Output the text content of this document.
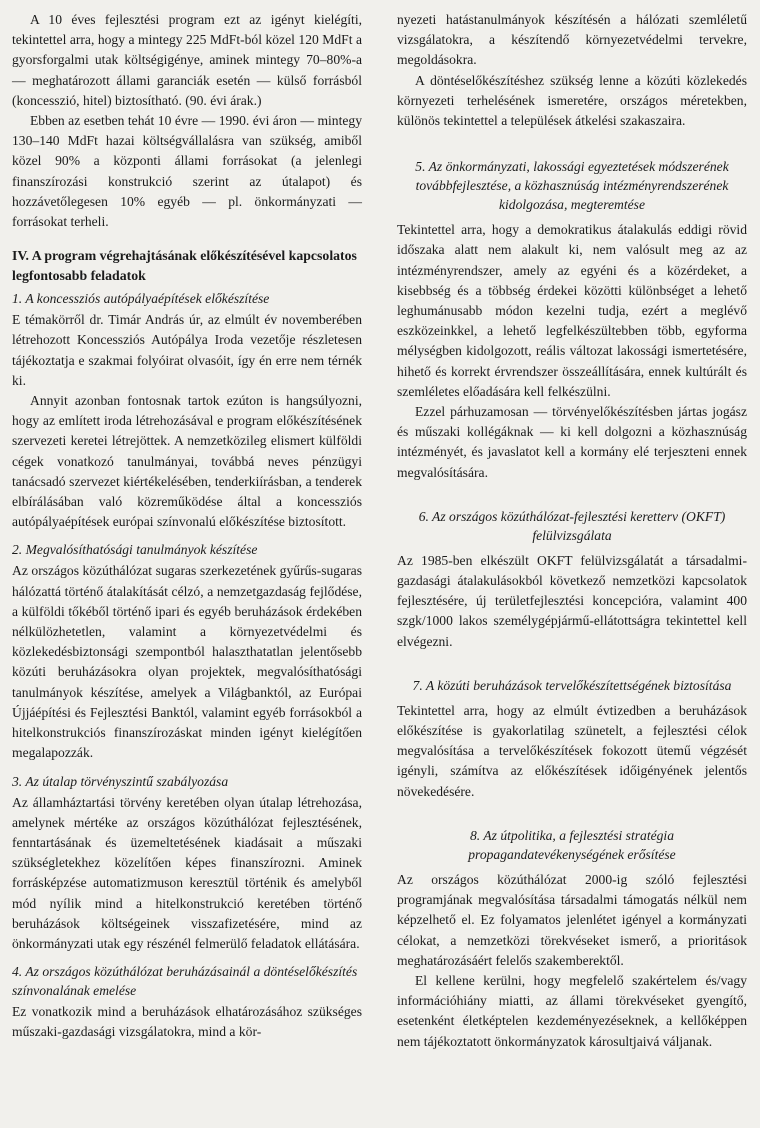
A 10 éves fejlesztési program ezt az igényt kielégíti, tekintettel arra, hogy a mintegy 225 MdFt-ból közel 120 MdFt a gyorsforgalmi utak költségigénye, aminek mintegy 70–80%-a — meghatározott állami garanciák esetén — külső forrásból (koncesszió, hitel) biztosítható. (90. évi árak.)

Ebben az esetben tehát 10 évre — 1990. évi áron — mintegy 130–140 MdFt hazai költségvállalásra van szükség, amiből közel 90% a központi állami forrásokat (a jelenlegi finanszírozási konstrukció szerint az útalapot) és hozzávetőlegesen 10% egyéb — pl. önkormányzati — forrásokat terheli.

IV. A program végrehajtásának előkészítésével kapcsolatos legfontosabb feladatok
1. A koncessziós autópályaépítések előkészítése

E témakörről dr. Timár András úr, az elmúlt év novemberében létrehozott Koncessziós Autópálya Iroda vezetője részletesen tájékoztatja e szakmai folyóirat olvasóit, így én erre nem térnék ki.

Annyit azonban fontosnak tartok ezúton is hangsúlyozni, hogy az említett iroda létrehozásával e program előkészítésének szervezeti keretei létrejöttek. A nemzetközileg elismert külföldi cégek vonatkozó tanulmányai, továbbá neves pénzügyi tanácsadó szervezet kiértékelésében, tenderkiírásban, a tenderek elbírálásában való közreműködése által a koncessziós autópályaépítések európai színvonalú előkészítése biztosított.

2. Megvalósíthatósági tanulmányok készítése

Az országos közúthálózat sugaras szerkezetének gyűrűs-sugaras hálózattá történő átalakítását célzó, a nemzetgazdaság fejlődése, a külföldi tőkéből történő ipari és egyéb beruházások érdekében nélkülözhetetlen, valamint a környezetvédelmi és közlekedésbiztonsági szempontból halaszthatatlan jelentősebb közúti beruházásokra olyan projektek, megvalósíthatósági tanulmányok készítése, amelyek a Világbanktól, az Európai Újjáépítési és Fejlesztési Banktól, valamint egyéb forrásokból a hitelkonstrukciós finanszírozáskat minden igényt kielégítően megalapozzák.

3. Az útalap törvényszintű szabályozása

Az államháztartási törvény keretében olyan útalap létrehozása, amelynek mértéke az országos közúthálózat fejlesztésének, fenntartásának és üzemeltetésének kiadásait a műszaki szükségletekhez közelítően képes finanszírozni. Aminek forrásképzése automatizmuson keresztül történik és amelyből mód nyílik mind a hitelkonstrukció keretében történő beruházások költségeinek visszafizetésére, mind az önkormányzati utak egy részénél felmerülő feladatok ellátására.

4. Az országos közúthálózat beruházásainál a döntéselőkészítés színvonalának emelése

Ez vonatkozik mind a beruházások elhatározásához szükséges műszaki-gazdasági vizsgálatokra, mind a kör-

nyezeti hatástanulmányok készítésén a hálózati szemléletű vizsgálatokra, a készítendő környezetvédelmi tervekre, megoldásokra.

A döntéselőkészítéshez szükség lenne a közúti közlekedés környezeti terhelésének ismeretére, országos méretekben, különös tekintettel a települések átkelési szakaszaira.

5. Az önkormányzati, lakossági egyeztetések módszerének továbbfejlesztése, a közhasznúság intézményrendszerének kidolgozása, megteremtése

Tekintettel arra, hogy a demokratikus átalakulás eddigi rövid időszaka alatt nem alakult ki, nem valósult meg az az intézményrendszer, amely az egyéni és a közérdeket, a kisebbség és a többség érdekei közötti különbséget a lehető leghumánusabb módon kezelni tudja, ezért a meglévő eszközeinkkel, a lehető legfelkészültebben több, egyforma mélységben kidolgozott, reális változat lakossági ismertetésére, hihető és korrekt érvrendszer összeállítására, ennek kultúrált és szemléletes előadására kell felkészülni.

Ezzel párhuzamosan — törvényelőkészítésben jártas jogász és műszaki kollégáknak — ki kell dolgozni a közhasznúság intézményét, és javaslatot kell a kormány elé terjeszteni ennek megvalósítására.

6. Az országos közúthálózat-fejlesztési keretterv (OKFT) felülvizsgálata

Az 1985-ben elkészült OKFT felülvizsgálatát a társadalmi-gazdasági átalakulásokból következő nemzetközi kapcsolatok fejlesztésére, új területfejlesztési koncepcióra, valamint 400 szgk/1000 lakos személygépjármű-ellátottságra tekintettel kell elvégezni.

7. A közúti beruházások tervelőkészítettségének biztosítása

Tekintettel arra, hogy az elmúlt évtizedben a beruházások előkészítése is gyakorlatilag szünetelt, a fejlesztési célok megvalósítása a tervelőkészítések fokozott ütemű végzését igényli, számítva az előkészítések időigényének jelentős növekedésére.

8. Az útpolitika, a fejlesztési stratégia propagandatevékenységének erősítése

Az országos közúthálózat 2000-ig szóló fejlesztési programjának megvalósítása társadalmi támogatás nélkül nem képzelhető el. Ez folyamatos jelenlétet igényel a kormányzati célokat, a nemzetközi törekvéseket ismerő, a prioritások meghatározásáért felelős szakemberektől.

El kellene kerülni, hogy megfelelő szakértelem és/vagy információhiány miatti, az állami törekvéseket gyengítő, esetenként életképtelen kezdeményezéseknek, a kellőképpen nem tájékoztatott önkormányzatok károsultjaivá váljanak.
